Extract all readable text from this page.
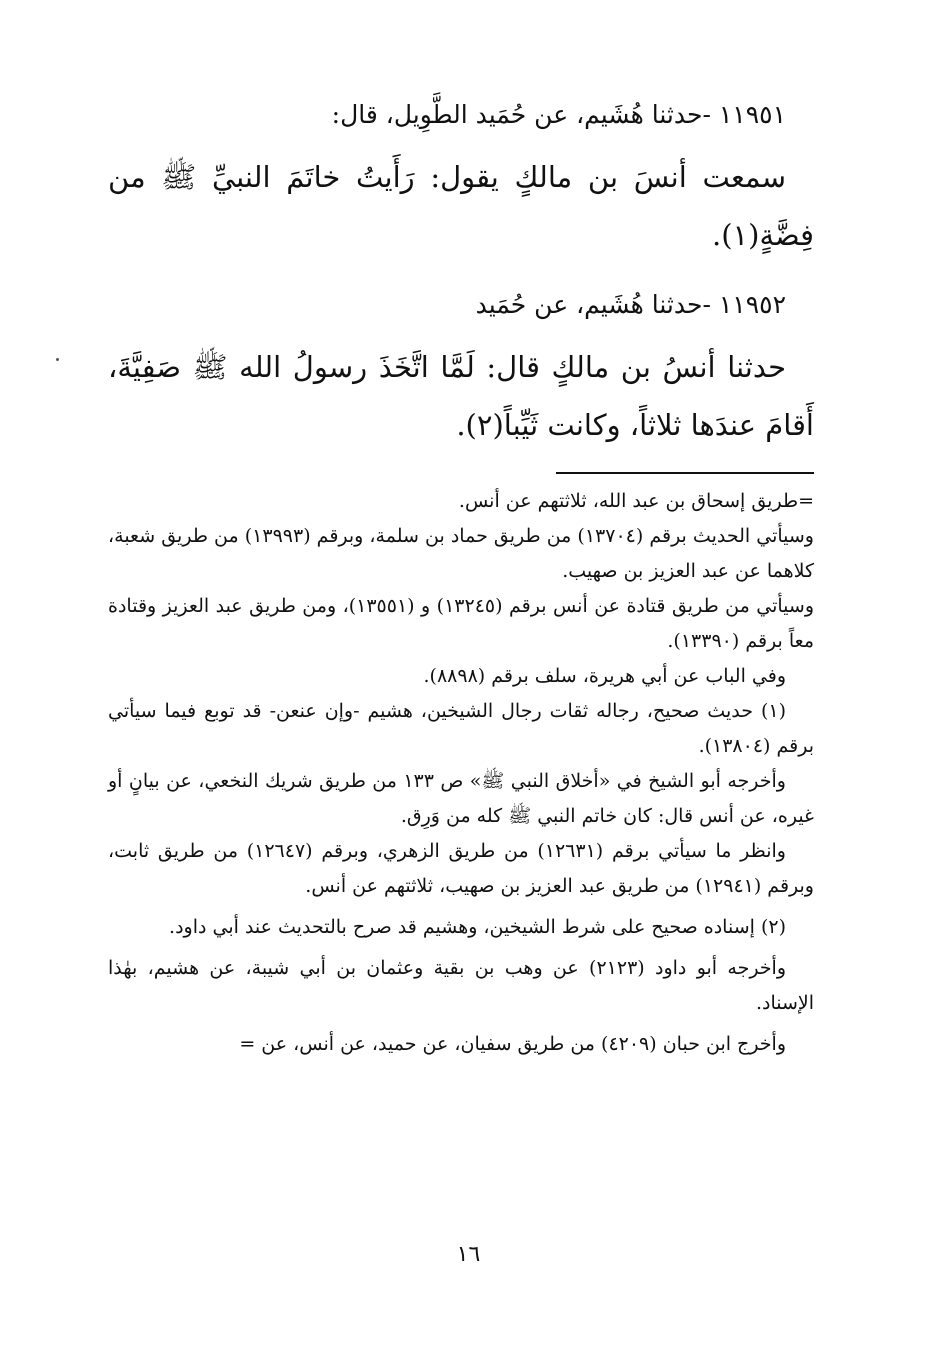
١١٩٥١ -حدثنا هُشَيم، عن حُمَيد الطَّوِيل، قال:

سمعت أنسَ بن مالكٍ يقول: رَأَيتُ خاتَمَ النبيِّ ﷺ من فِضَّةٍ(١).

١١٩٥٢ -حدثنا هُشَيم، عن حُمَيد

حدثنا أنسُ بن مالكٍ قال: لَمَّا اتَّخَذَ رسولُ الله ﷺ صَفِيَّةَ، أَقامَ عندَها ثلاثاً، وكانت ثَيِّباً(٢).

=طريق إسحاق بن عبد الله، ثلاثتهم عن أنس.

وسيأتي الحديث برقم (١٣٧٠٤) من طريق حماد بن سلمة، وبرقم (١٣٩٩٣) من طريق شعبة، كلاهما عن عبد العزيز بن صهيب.

وسيأتي من طريق قتادة عن أنس برقم (١٣٢٤٥) و (١٣٥٥١)، ومن طريق عبد العزيز وقتادة معاً برقم (١٣٣٩٠).

وفي الباب عن أبي هريرة، سلف برقم (٨٨٩٨).

(١) حديث صحيح، رجاله ثقات رجال الشيخين، هشيم -وإن عنعن- قد توبع فيما سيأتي برقم (١٣٨٠٤).

وأخرجه أبو الشيخ في «أخلاق النبي ﷺ» ص ١٣٣ من طريق شريك النخعي، عن بيانٍ أو غيره، عن أنس قال: كان خاتم النبي ﷺ كله من وَرِق.

وانظر ما سيأتي برقم (١٢٦٣١) من طريق الزهري، وبرقم (١٢٦٤٧) من طريق ثابت، وبرقم (١٢٩٤١) من طريق عبد العزيز بن صهيب، ثلاثتهم عن أنس.

(٢) إسناده صحيح على شرط الشيخين، وهشيم قد صرح بالتحديث عند أبي داود.

وأخرجه أبو داود (٢١٢٣) عن وهب بن بقية وعثمان بن أبي شيبة، عن هشيم، بهٰذا الإسناد.

وأخرج ابن حبان (٤٢٠٩) من طريق سفيان، عن حميد، عن أنس، عن =

١٦
